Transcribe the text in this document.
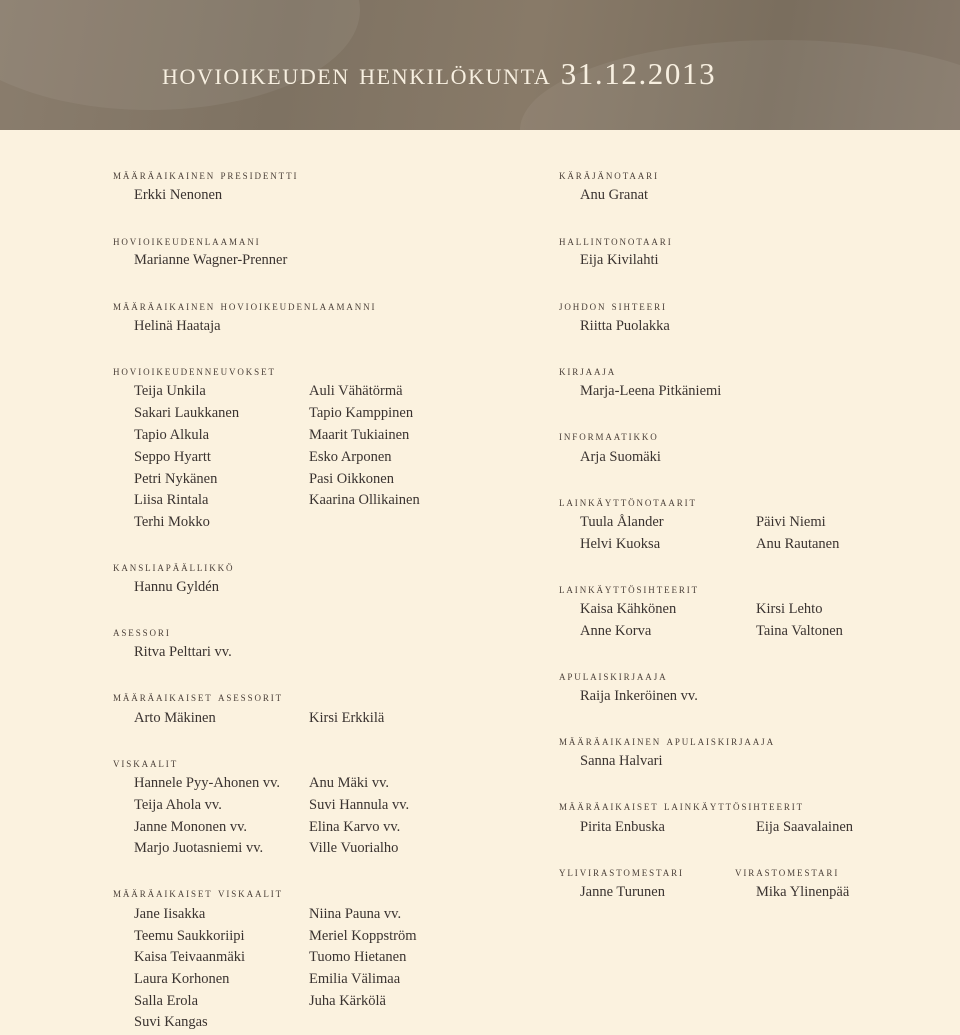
hovioikeuden henkilökunta 31.12.2013
määräaikainen presidentti
Erkki Nenonen
hovioikeudenlaamani
Marianne Wagner-Prenner
määräaikainen hovioikeudenlaamanni
Helinä Haataja
hovioikeudenneuvokset
Teija Unkila
Sakari Laukkanen
Tapio Alkula
Seppo Hyartt
Petri Nykänen
Liisa Rintala
Terhi Mokko
Auli Vähätörmä
Tapio Kamppinen
Maarit Tukiainen
Esko Arponen
Pasi Oikkonen
Kaarina Ollikainen
kansliapäällikkö
Hannu Gyldén
asessori
Ritva Pelttari vv.
määräaikaiset asessorit
Arto Mäkinen	Kirsi Erkkilä
viskaalit
Hannele Pyy-Ahonen vv.
Teija Ahola vv.
Janne Mononen vv.
Marjo Juotasniemi vv.
Anu Mäki vv.
Suvi Hannula vv.
Elina Karvo vv.
Ville Vuorialho
määräaikaiset viskaalit
Jane Iisakka
Teemu Saukkoriipi
Kaisa Teivaanmäki
Laura Korhonen
Salla Erola
Suvi Kangas
Niina Pauna vv.
Meriel Koppström
Tuomo Hietanen
Emilia Välimaa
Juha Kärkölä
käräjänotaari
Anu Granat
hallintonotaari
Eija Kivilahti
johdon sihteeri
Riitta Puolakka
kirjaaja
Marja-Leena Pitkäniemi
informaatikko
Arja Suomäki
lainkäyttönotaarit
Tuula Ålander
Helvi Kuoksa
Päivi Niemi
Anu Rautanen
lainkäyttösihteerit
Kaisa Kähkönen
Anne Korva
Kirsi Lehto
Taina Valtonen
apulaiskirjaaja
Raija Inkeröinen vv.
määräaikainen apulaiskirjaaja
Sanna Halvari
määräaikaiset lainkäyttösihteerit
Pirita Enbuska	Eija Saavalainen
ylivirastomestari
Janne Turunen
virastomestari
Mika Ylinenpää
